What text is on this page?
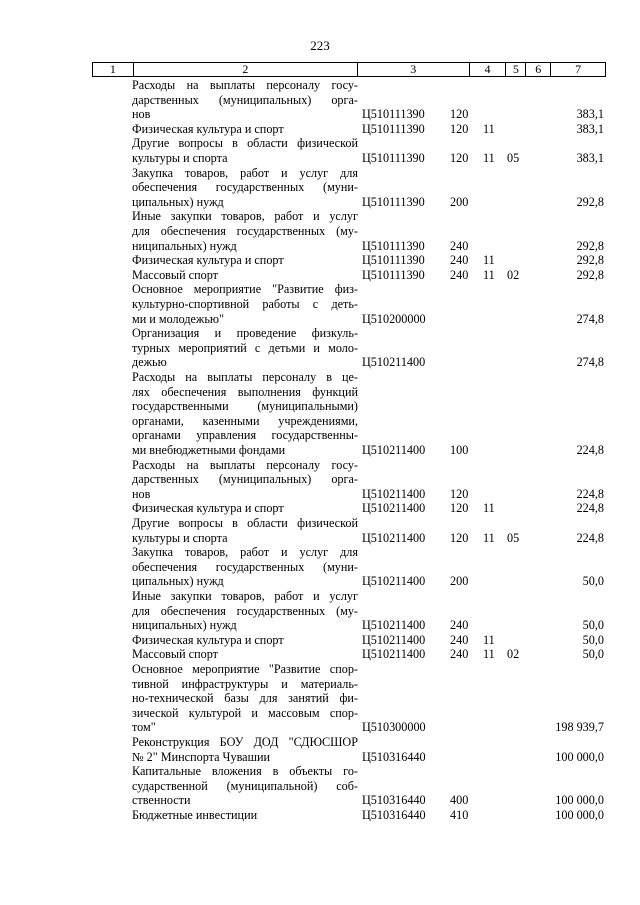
223
1	2	3	4	5	6	7
Расходы на выплаты персоналу госу-
дарственных (муниципальных) орга-
нов	Ц510111390 120	383,1
Физическая культура и спорт	Ц510111390 120 11	383,1
Другие вопросы в области физической
культуры и спорта	Ц510111390 120 11 05	383,1
Закупка товаров, работ и услуг для
обеспечения государственных (муни-
ципальных) нужд	Ц510111390 200	292,8
Иные закупки товаров, работ и услуг
для обеспечения государственных (му-
ниципальных) нужд	Ц510111390 240	292,8
Физическая культура и спорт	Ц510111390 240 11	292,8
Массовый спорт	Ц510111390 240 11 02	292,8
Основное мероприятие "Развитие физ-
культурно-спортивной работы с деть-
ми и молодежью"	Ц510200000	274,8
Организация и проведение физкуль-
турных мероприятий с детьми и моло-
дежью	Ц510211400	274,8
Расходы на выплаты персоналу в це-
лях обеспечения выполнения функций
государственными (муниципальными)
органами, казенными учреждениями,
органами управления государственны-
ми внебюджетными фондами	Ц510211400 100	224,8
Расходы на выплаты персоналу госу-
дарственных (муниципальных) орга-
нов	Ц510211400 120	224,8
Физическая культура и спорт	Ц510211400 120 11	224,8
Другие вопросы в области физической
культуры и спорта	Ц510211400 120 11 05	224,8
Закупка товаров, работ и услуг для
обеспечения государственных (муни-
ципальных) нужд	Ц510211400 200	50,0
Иные закупки товаров, работ и услуг
для обеспечения государственных (му-
ниципальных) нужд	Ц510211400 240	50,0
Физическая культура и спорт	Ц510211400 240 11	50,0
Массовый спорт	Ц510211400 240 11 02	50,0
Основное мероприятие "Развитие спор-
тивной инфраструктуры и материаль-
но-технической базы для занятий фи-
зической культурой и массовым спор-
том"	Ц510300000	198 939,7
Реконструкция БОУ ДОД "СДЮСШОР
№ 2" Минспорта Чувашии	Ц510316440	100 000,0
Капитальные вложения в объекты го-
сударственной (муниципальной) соб-
ственности	Ц510316440 400	100 000,0
Бюджетные инвестиции	Ц510316440 410	100 000,0
